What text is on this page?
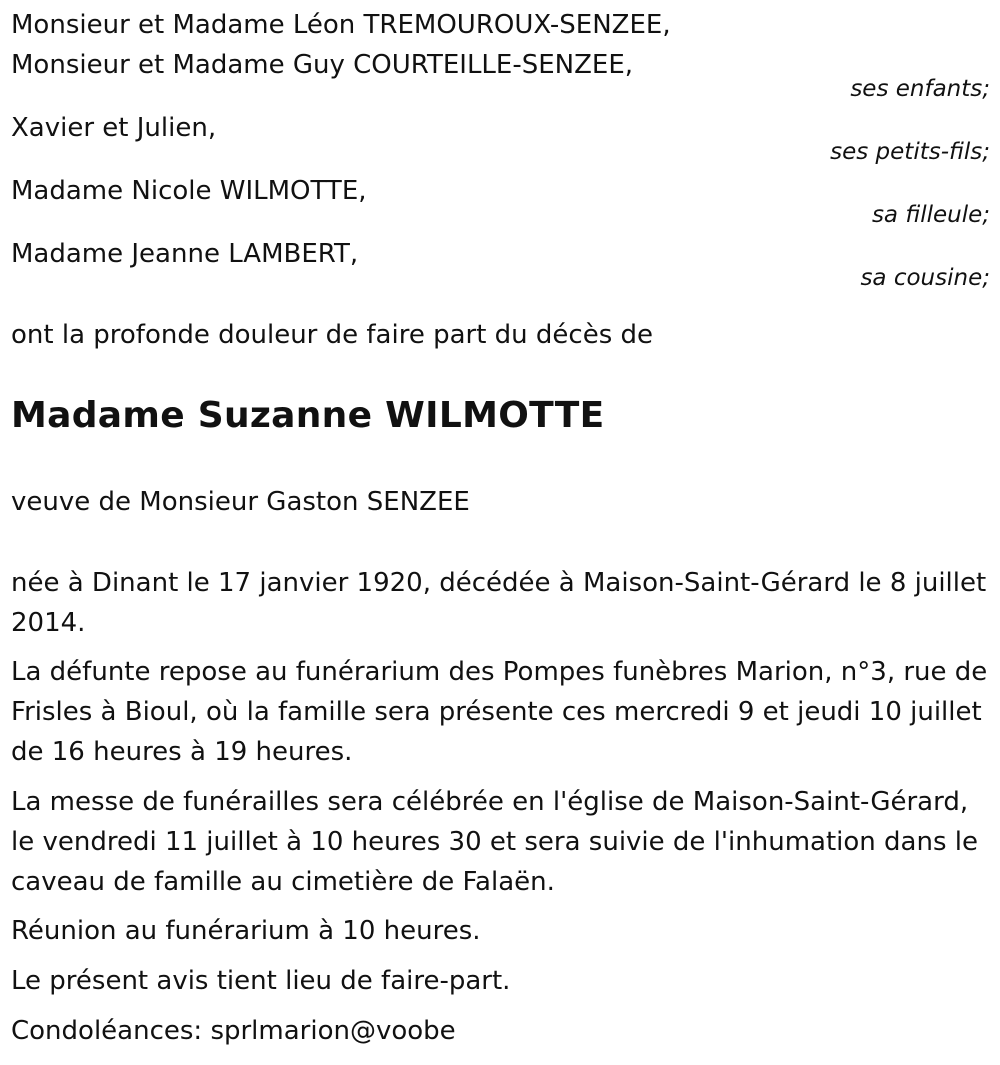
Monsieur et Madame Léon TREMOUROUX-SENZEE,
Monsieur et Madame Guy COURTEILLE-SENZEE,
ses enfants;
Xavier et Julien,
ses petits-fils;
Madame Nicole WILMOTTE,
sa filleule;
Madame Jeanne LAMBERT,
sa cousine;
ont la profonde douleur de faire part du décès de
Madame Suzanne WILMOTTE
veuve de Monsieur Gaston SENZEE
née à Dinant le 17 janvier 1920, décédée à Maison-Saint-Gérard le 8 juillet 2014.
La défunte repose au funérarium des Pompes funèbres Marion, n°3, rue de Frisles à Bioul, où la famille sera présente ces mercredi 9 et jeudi 10 juillet de 16 heures à 19 heures.
La messe de funérailles sera célébrée en l'église de Maison-Saint-Gérard, le vendredi 11 juillet à 10 heures 30 et sera suivie de l'inhumation dans le caveau de famille au cimetière de Falaën.
Réunion au funérarium à 10 heures.
Le présent avis tient lieu de faire-part.
Condoléances: sprlmarion@voobe
